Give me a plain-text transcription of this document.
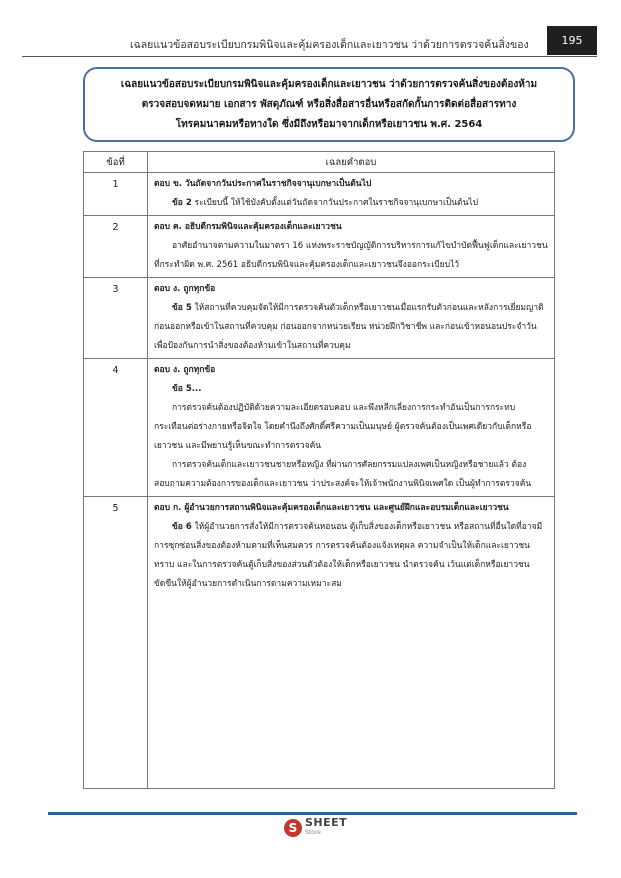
เฉลยแนวข้อสอบระเบียบกรมพินิจและคุ้มครองเด็กและเยาวชน ว่าด้วยการตรวจค้นสิ่งของ	195
เฉลยแนวข้อสอบระเบียบกรมพินิจและคุ้มครองเด็กและเยาวชน ว่าด้วยการตรวจค้นสิ่งของต้องห้าม
ตรวจสอบจดหมาย เอกสาร พัสดุภัณฑ์ หรือสิ่งสื่อสารอื่นหรือสกัดกั้นการติดต่อสื่อสารทาง
โทรคมนาคมหรือทางใด ซึ่งมีถึงหรือมาจากเด็กหรือเยาวชน พ.ศ. 2564
ข้อที่	เฉลยคำตอบ
1	ตอบ ข. วันถัดจากวันประกาศในราชกิจจานุเบกษาเป็นต้นไป
ข้อ 2 ระเบียบนี้ ให้ใช้บังคับตั้งแต่วันถัดจากวันประกาศในราชกิจจานุเบกษาเป็นต้นไป
2	ตอบ ค. อธิบดีกรมพินิจและคุ้มครองเด็กและเยาวชน
อาศัยอำนาจตามความในมาตรา 16 แห่งพระราชบัญญัติการบริหารการแก้ไขบำบัดฟื้นฟูเด็กและเยาวชนที่กระทำผิด พ.ศ. 2561 อธิบดีกรมพินิจและคุ้มครองเด็กและเยาวชนจึงออกระเบียบไว้
3	ตอบ ง. ถูกทุกข้อ
ข้อ 5 ให้สถานที่ควบคุมจัดให้มีการตรวจค้นตัวเด็กหรือเยาวชนเมื่อแรกรับตัวก่อนและหลังการเยี่ยมญาติ ก่อนออกหรือเข้าในสถานที่ควบคุม ก่อนออกจากหน่วยเรียน หน่วยฝึกวิชาชีพ และก่อนเข้าหอนอนประจำวัน เพื่อป้องกันการนำสิ่งของต้องห้ามเข้าในสถานที่ควบคุม
4	ตอบ ง. ถูกทุกข้อ
ข้อ 5...
การตรวจค้นต้องปฏิบัติด้วยความละเอียดรอบคอบ และพึงหลีกเลี่ยงการกระทำอันเป็นการกระทบกระเทือนต่อร่างกายหรือจิตใจ โดยคำนึงถึงศักดิ์ศรีความเป็นมนุษย์ ผู้ตรวจค้นต้องเป็นเพศเดียวกับเด็กหรือเยาวชน และมีพยานรู้เห็นขณะทำการตรวจค้น
การตรวจค้นเด็กและเยาวชนชายหรือหญิง ที่ผ่านการศัลยกรรมแปลงเพศเป็นหญิงหรือชายแล้ว ต้องสอบถามความต้องการของเด็กและเยาวชน ว่าประสงค์จะให้เจ้าพนักงานพินิจเพศใด เป็นผู้ทำการตรวจค้น
5	ตอบ ก. ผู้อำนวยการสถานพินิจและคุ้มครองเด็กและเยาวชน และศูนย์ฝึกและอบรมเด็กและเยาวชน
ข้อ 6 ให้ผู้อำนวยการสั่งให้มีการตรวจค้นหอนอน ตู้เก็บสิ่งของเด็กหรือเยาวชน หรือสถานที่อื่นใดที่อาจมีการซุกซ่อนสิ่งของต้องห้ามตามที่เห็นสมควร การตรวจค้นต้องแจ้งเหตุผล ความจำเป็นให้เด็กและเยาวชนทราบ และในการตรวจค้นตู้เก็บสิ่งของส่วนตัวต้องให้เด็กหรือเยาวชน นำตรวจค้น เว้นแต่เด็กหรือเยาวชนขัดขืนให้ผู้อำนวยการดำเนินการตามความเหมาะสม
S SHEET
Store
